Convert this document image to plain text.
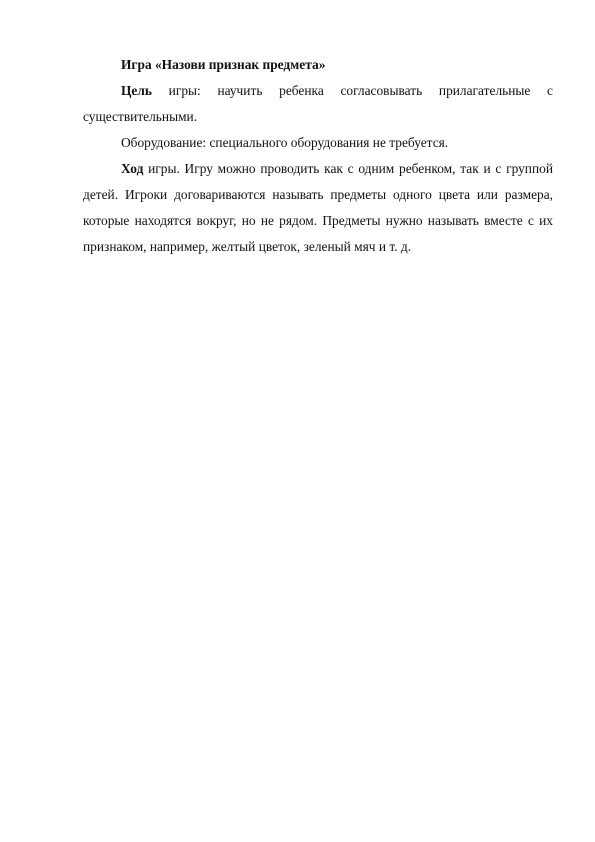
Игра «Назови признак предмета»

Цель игры: научить ребенка согласовывать прилагательные с существительными.

Оборудование: специального оборудования не требуется.

Ход игры. Игру можно проводить как с одним ребенком, так и с группой детей. Игроки договариваются называть предметы одного цвета или размера, которые находятся вокруг, но не рядом. Предметы нужно называть вместе с их признаком, например, желтый цветок, зеленый мяч и т. д.
